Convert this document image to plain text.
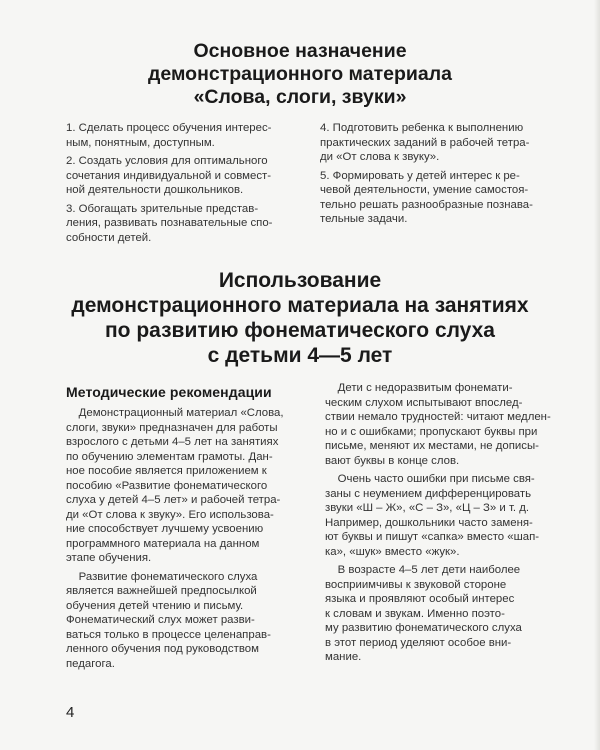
Основное назначение
демонстрационного материала
«Слова, слоги, звуки»

1. Сделать процесс обучения интерес-
ным, понятным, доступным.

2. Создать условия для оптимального
сочетания индивидуальной и совмест-
ной деятельности дошкольников.

3. Обогащать зрительные представ-
ления, развивать познавательные спо-
собности детей.

4. Подготовить ребенка к выполнению
практических заданий в рабочей тетра-
ди «От слова к звуку».

5. Формировать у детей интерес к ре-
чевой деятельности, умение самостоя-
тельно решать разнообразные познава-
тельные задачи.

Использование
демонстрационного материала на занятиях
по развитию фонематического слуха
с детьми 4—5 лет
Методические рекомендации

Демонстрационный материал «Слова,
слоги, звуки» предназначен для работы
взрослого с детьми 4–5 лет на занятиях
по обучению элементам грамоты. Дан-
ное пособие является приложением к
пособию «Развитие фонематического
слуха у детей 4–5 лет» и рабочей тетра-
ди «От слова к звуку». Его использова-
ние способствует лучшему усвоению
программного материала на данном
этапе обучения.

Развитие фонематического слуха
является важнейшей предпосылкой
обучения детей чтению и письму.
Фонематический слух может разви-
ваться только в процессе целенаправ-
ленного обучения под руководством
педагога.

Дети с недоразвитым фонемати-
ческим слухом испытывают впослед-
ствии немало трудностей: читают медлен-
но и с ошибками; пропускают буквы при
письме, меняют их местами, не дописы-
вают буквы в конце слов.

Очень часто ошибки при письме свя-
заны с неумением дифференцировать
звуки «Ш – Ж», «С – З», «Ц – З» и т. д.
Например, дошкольники часто заменя-
ют буквы и пишут «сапка» вместо «шап-
ка», «шук» вместо «жук».

В возрасте 4–5 лет дети наиболее
восприимчивы к звуковой стороне
языка и проявляют особый интерес
к словам и звукам. Именно поэто-
му развитию фонематического слуха
в этот период уделяют особое вни-
мание.

4
